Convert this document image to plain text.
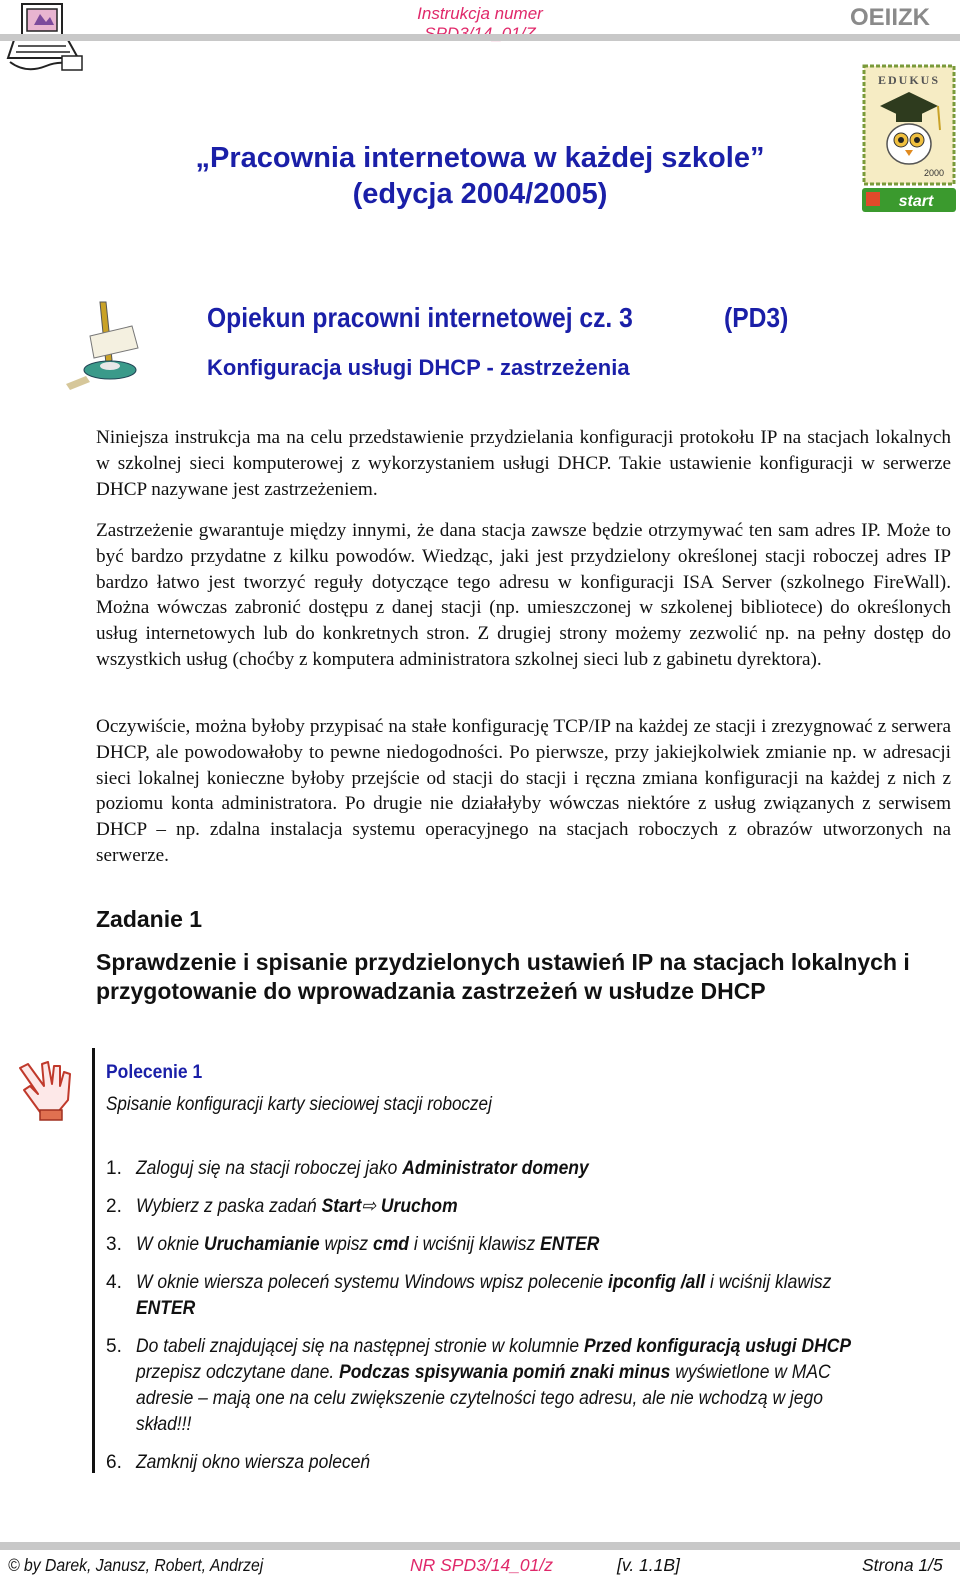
Instrukcja numer	OEIIZK
EDUKUS
2000
start
„Pracownia internetowa w każdej szkole”
(edycja 2004/2005)
Opiekun pracowni internetowej cz. 3	(PD3)
Konfiguracja usługi DHCP - zastrzeżenia
Niniejsza instrukcja ma na celu przedstawienie przydzielania konfiguracji protokołu IP na stacjach lokalnych w szkolnej sieci komputerowej z wykorzystaniem usługi DHCP. Takie ustawienie konfiguracji w serwerze DHCP nazywane jest zastrzeżeniem.
Zastrzeżenie gwarantuje między innymi, że dana stacja zawsze będzie otrzymywać ten sam adres IP. Może to być bardzo przydatne z kilku powodów. Wiedząc, jaki jest przydzielony określonej stacji roboczej adres IP bardzo łatwo jest tworzyć reguły dotyczące tego adresu w konfiguracji ISA Server (szkolnego FireWall). Można wówczas zabronić dostępu z danej stacji (np. umieszczonej w szkolenej bibliotece) do określonych usług internetowych lub do konkretnych stron. Z drugiej strony możemy zezwolić np. na pełny dostęp do wszystkich usług (choćby z komputera administratora szkolnej sieci lub z gabinetu dyrektora).
Oczywiście, można byłoby przypisać na stałe konfigurację TCP/IP na każdej ze stacji i zrezygnować z serwera DHCP, ale powodowałoby to pewne niedogodności. Po pierwsze, przy jakiejkolwiek zmianie np. w adresacji sieci lokalnej konieczne byłoby przejście od stacji do stacji i ręczna zmiana konfiguracji na każdej z nich z poziomu konta administratora. Po drugie nie działałyby wówczas niektóre z usług związanych z serwisem DHCP – np. zdalna instalacja systemu operacyjnego na stacjach roboczych z obrazów utworzonych na serwerze.
Zadanie 1
Sprawdzenie i spisanie przydzielonych ustawień IP na stacjach lokalnych i przygotowanie do wprowadzania zastrzeżeń w usłudze DHCP
Polecenie 1
Spisanie konfiguracji karty sieciowej stacji roboczej
1. Zaloguj się na stacji roboczej jako Administrator domeny
2. Wybierz z paska zadań Start⇨ Uruchom
3. W oknie Uruchamianie wpisz cmd i wciśnij klawisz ENTER
4. W oknie wiersza poleceń systemu Windows wpisz polecenie ipconfig /all i wciśnij klawisz ENTER
5. Do tabeli znajdującej się na następnej stronie w kolumnie Przed konfiguracją usługi DHCP przepisz odczytane dane. Podczas spisywania pomiń znaki minus wyświetlone w MAC adresie – mają one na celu zwiększenie czytelności tego adresu, ale nie wchodzą w jego skład!!!
6. Zamknij okno wiersza poleceń
© by Darek, Janusz, Robert, Andrzej	NR SPD3/14_01/z	[v. 1.1B]	Strona 1/5
